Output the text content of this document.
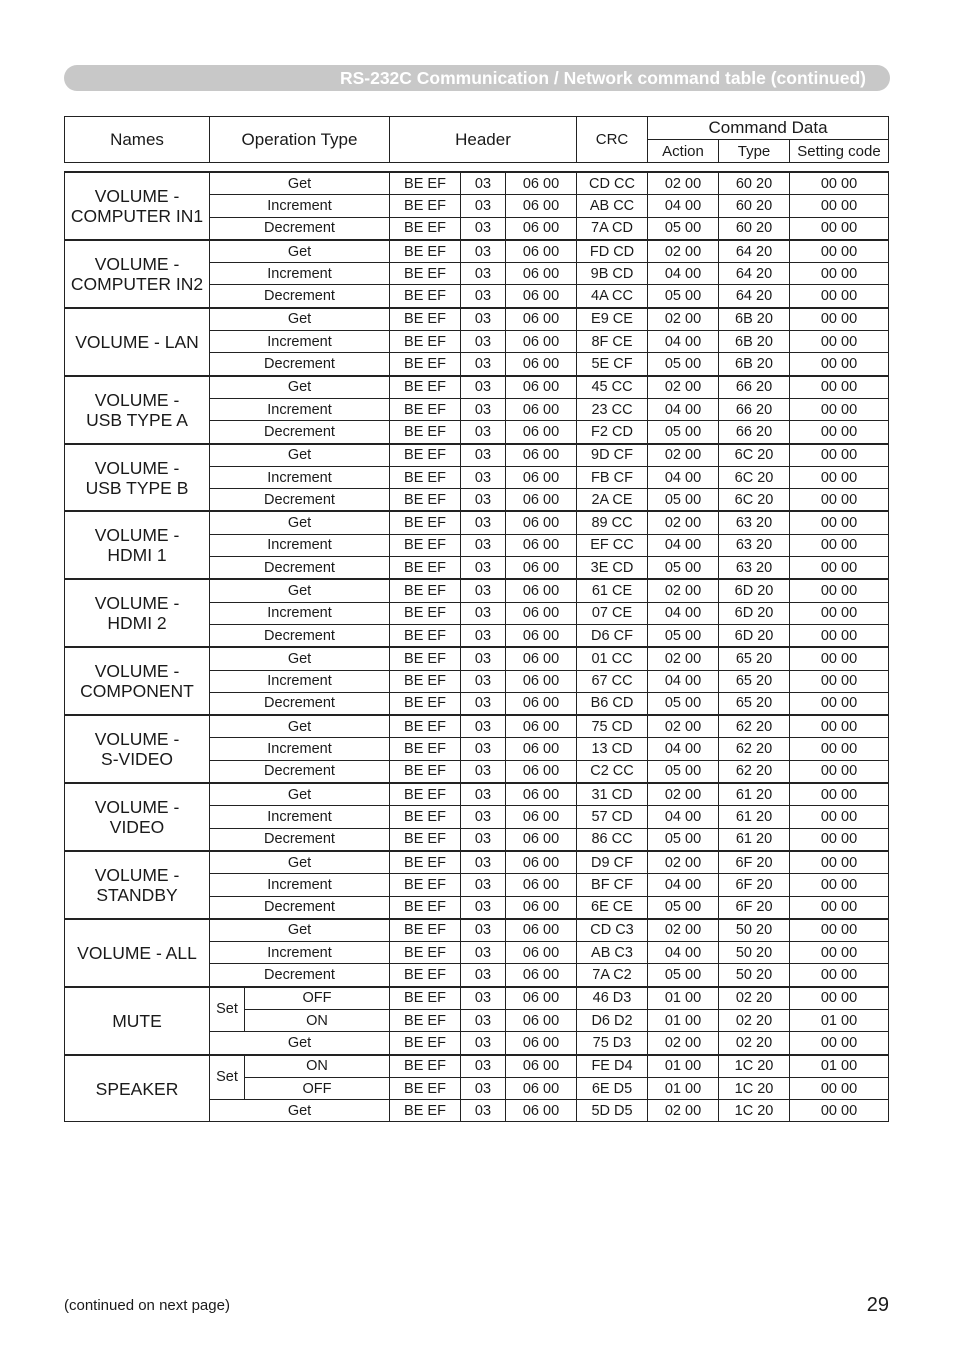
RS-232C Communication / Network command table (continued)
Names	Operation Type	Header	CRC	Command Data		
				Action	Type	Setting code
VOLUME -
COMPUTER IN1	Get		BE EF	03	06 00	CD CC	02 00	60 20	00 00
	Increment		BE EF	03	06 00	AB CC	04 00	60 20	00 00
	Decrement		BE EF	03	06 00	7A CD	05 00	60 20	00 00
VOLUME -
COMPUTER IN2	Get		BE EF	03	06 00	FD CD	02 00	64 20	00 00
	Increment		BE EF	03	06 00	9B CD	04 00	64 20	00 00
	Decrement		BE EF	03	06 00	4A CC	05 00	64 20	00 00
VOLUME - LAN	Get		BE EF	03	06 00	E9 CE	02 00	6B 20	00 00
	Increment		BE EF	03	06 00	8F CE	04 00	6B 20	00 00
	Decrement		BE EF	03	06 00	5E CF	05 00	6B 20	00 00
VOLUME -
USB TYPE A	Get		BE EF	03	06 00	45 CC	02 00	66 20	00 00
	Increment		BE EF	03	06 00	23 CC	04 00	66 20	00 00
	Decrement		BE EF	03	06 00	F2 CD	05 00	66 20	00 00
VOLUME -
USB TYPE B	Get		BE EF	03	06 00	9D CF	02 00	6C 20	00 00
	Increment		BE EF	03	06 00	FB CF	04 00	6C 20	00 00
	Decrement		BE EF	03	06 00	2A CE	05 00	6C 20	00 00
VOLUME -
HDMI 1	Get		BE EF	03	06 00	89 CC	02 00	63 20	00 00
	Increment		BE EF	03	06 00	EF CC	04 00	63 20	00 00
	Decrement		BE EF	03	06 00	3E CD	05 00	63 20	00 00
VOLUME -
HDMI 2	Get		BE EF	03	06 00	61 CE	02 00	6D 20	00 00
	Increment		BE EF	03	06 00	07 CE	04 00	6D 20	00 00
	Decrement		BE EF	03	06 00	D6 CF	05 00	6D 20	00 00
VOLUME -
COMPONENT	Get		BE EF	03	06 00	01 CC	02 00	65 20	00 00
	Increment		BE EF	03	06 00	67 CC	04 00	65 20	00 00
	Decrement		BE EF	03	06 00	B6 CD	05 00	65 20	00 00
VOLUME -
S-VIDEO	Get		BE EF	03	06 00	75 CD	02 00	62 20	00 00
	Increment		BE EF	03	06 00	13 CD	04 00	62 20	00 00
	Decrement		BE EF	03	06 00	C2 CC	05 00	62 20	00 00
VOLUME -
VIDEO	Get		BE EF	03	06 00	31 CD	02 00	61 20	00 00
	Increment		BE EF	03	06 00	57 CD	04 00	61 20	00 00
	Decrement		BE EF	03	06 00	86 CC	05 00	61 20	00 00
VOLUME -
STANDBY	Get		BE EF	03	06 00	D9 CF	02 00	6F 20	00 00
	Increment		BE EF	03	06 00	BF CF	04 00	6F 20	00 00
	Decrement		BE EF	03	06 00	6E CE	05 00	6F 20	00 00
VOLUME - ALL	Get		BE EF	03	06 00	CD C3	02 00	50 20	00 00
	Increment		BE EF	03	06 00	AB C3	04 00	50 20	00 00
	Decrement		BE EF	03	06 00	7A C2	05 00	50 20	00 00
MUTE	Set	OFF	BE EF	03	06 00	46 D3	01 00	02 20	00 00
		ON	BE EF	03	06 00	D6 D2	01 00	02 20	01 00
	Get		BE EF	03	06 00	75 D3	02 00	02 20	00 00
SPEAKER	Set	ON	BE EF	03	06 00	FE D4	01 00	1C 20	01 00
		OFF	BE EF	03	06 00	6E D5	01 00	1C 20	00 00
	Get		BE EF	03	06 00	5D D5	02 00	1C 20	00 00
(continued on next page)	29
